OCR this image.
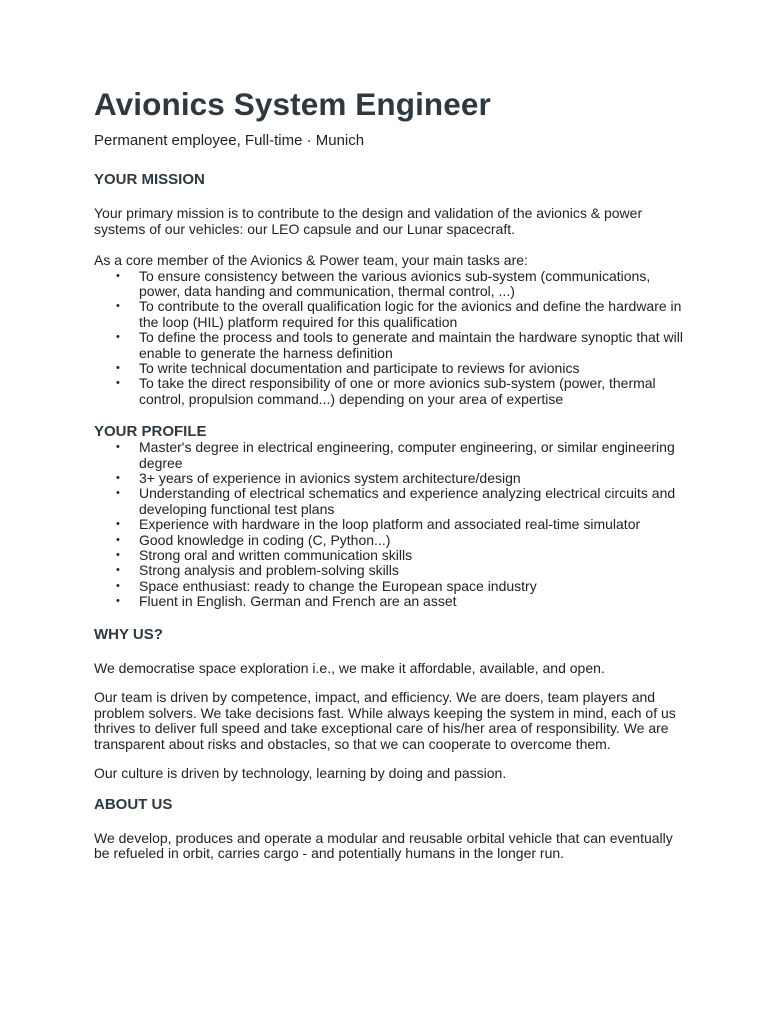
Avionics System Engineer

Permanent employee, Full-time · Munich

YOUR MISSION

Your primary mission is to contribute to the design and validation of the avionics & power systems of our vehicles: our LEO capsule and our Lunar spacecraft.

As a core member of the Avionics & Power team, your main tasks are:

• To ensure consistency between the various avionics sub-system (communications, power, data handing and communication, thermal control, ...)
• To contribute to the overall qualification logic for the avionics and define the hardware in the loop (HIL) platform required for this qualification
• To define the process and tools to generate and maintain the hardware synoptic that will enable to generate the harness definition
• To write technical documentation and participate to reviews for avionics
• To take the direct responsibility of one or more avionics sub-system (power, thermal control, propulsion command...) depending on your area of expertise
YOUR PROFILE
• Master's degree in electrical engineering, computer engineering, or similar engineering degree
• 3+ years of experience in avionics system architecture/design
• Understanding of electrical schematics and experience analyzing electrical circuits and developing functional test plans
• Experience with hardware in the loop platform and associated real-time simulator
• Good knowledge in coding (C, Python...)
• Strong oral and written communication skills
• Strong analysis and problem-solving skills
• Space enthusiast: ready to change the European space industry
• Fluent in English. German and French are an asset
WHY US?

We democratise space exploration i.e., we make it affordable, available, and open.

Our team is driven by competence, impact, and efficiency. We are doers, team players and problem solvers. We take decisions fast. While always keeping the system in mind, each of us thrives to deliver full speed and take exceptional care of his/her area of responsibility. We are transparent about risks and obstacles, so that we can cooperate to overcome them.

Our culture is driven by technology, learning by doing and passion.

ABOUT US

We develop, produces and operate a modular and reusable orbital vehicle that can eventually be refueled in orbit, carries cargo - and potentially humans in the longer run.
